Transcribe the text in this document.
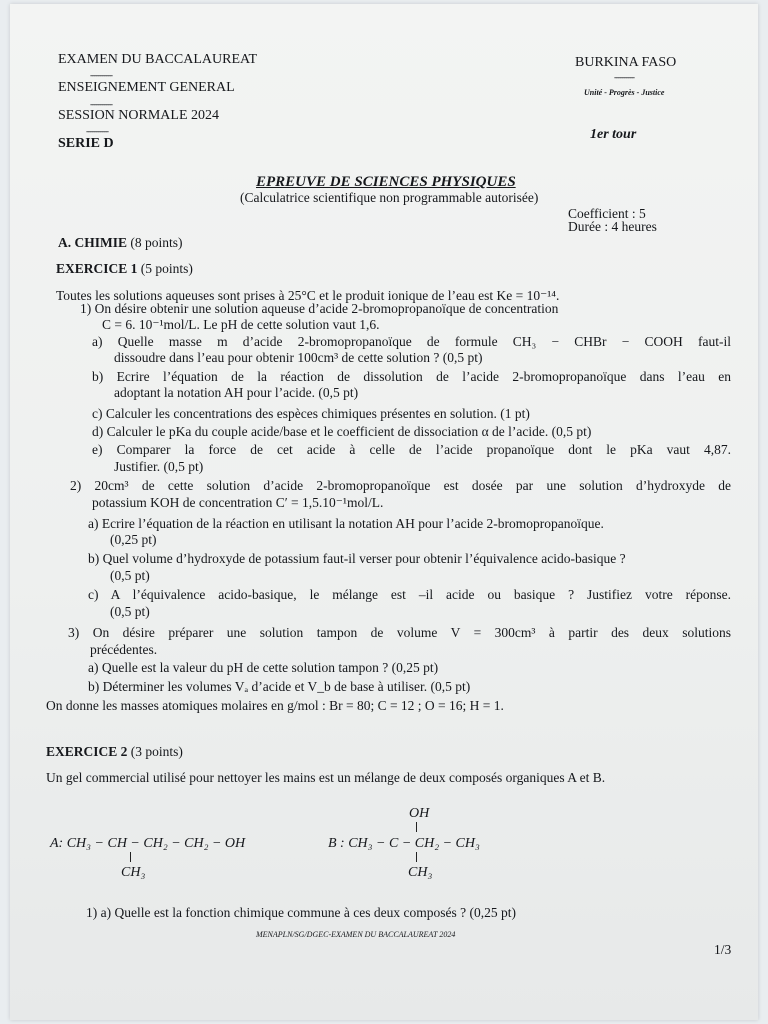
EXAMEN DU BACCALAUREAT
-----------
ENSEIGNEMENT GENERAL
-----------
SESSION NORMALE 2024
-----------
SERIE D
BURKINA FASO
----------
Unité - Progrès - Justice
1er tour
EPREUVE DE SCIENCES PHYSIQUES
(Calculatrice scientifique non programmable autorisée)
Coefficient : 5
Durée : 4 heures
A. CHIMIE (8 points)
EXERCICE 1 (5 points)
Toutes les solutions aqueuses sont prises à 25°C et le produit ionique de l’eau est Ke = 10⁻¹⁴.
1) On désire obtenir une solution aqueuse d’acide 2-bromopropanoïque de concentration
C = 6. 10⁻¹mol/L. Le pH de cette solution vaut 1,6.
a) Quelle masse m d’acide 2-bromopropanoïque de formule CH₃ − CHBr − COOH faut-il
dissoudre dans l’eau pour obtenir 100cm³ de cette solution ? (0,5 pt)
b) Ecrire l’équation de la réaction de dissolution de l’acide 2-bromopropanoïque dans l’eau en
adoptant la notation AH pour l’acide. (0,5 pt)
c) Calculer les concentrations des espèces chimiques présentes en solution. (1 pt)
d) Calculer le pKa du couple acide/base et le coefficient de dissociation α de l’acide. (0,5 pt)
e) Comparer la force de cet acide à celle de l’acide propanoïque dont le pKa vaut 4,87.
Justifier. (0,5 pt)
2) 20cm³ de cette solution d’acide 2-bromopropanoïque est dosée par une solution d’hydroxyde de
potassium KOH de concentration C′ = 1,5.10⁻¹mol/L.
a) Ecrire l’équation de la réaction en utilisant la notation AH pour l’acide 2-bromopropanoïque.
(0,25 pt)
b) Quel volume d’hydroxyde de potassium faut-il verser pour obtenir l’équivalence acido-basique ?
(0,5 pt)
c) A l’équivalence acido-basique, le mélange est –il acide ou basique ? Justifiez votre réponse.
(0,5 pt)
3) On désire préparer une solution tampon de volume V = 300cm³ à partir des deux solutions
précédentes.
a) Quelle est la valeur du pH de cette solution tampon ? (0,25 pt)
b) Déterminer les volumes Vₐ d’acide et V_b de base à utiliser. (0,5 pt)
On donne les masses atomiques molaires en g/mol : Br = 80; C = 12 ; O = 16; H = 1.
EXERCICE 2 (3 points)
Un gel commercial utilisé pour nettoyer les mains est un mélange de deux composés organiques A et B.
A: CH₃ − CH − CH₂ − CH₂ − OH
CH₃
OH
B : CH₃ − C − CH₂ − CH₃
CH₃
1) a) Quelle est la fonction chimique commune à ces deux composés ? (0,25 pt)
MENAPLN/SG/DGEC-EXAMEN DU BACCALAUREAT 2024
1/3
